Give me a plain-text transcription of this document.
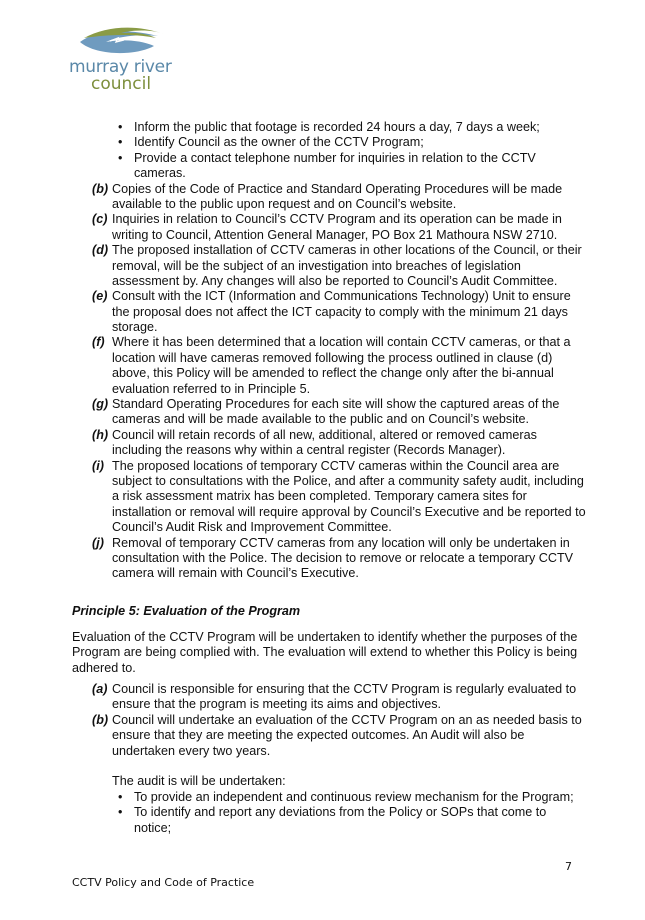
murray river
council
• Inform the public that footage is recorded 24 hours a day, 7 days a week;
• Identify Council as the owner of the CCTV Program;
• Provide a contact telephone number for inquiries in relation to the CCTV
cameras.
(b) Copies of the Code of Practice and Standard Operating Procedures will be made
available to the public upon request and on Council’s website.
(c) Inquiries in relation to Council’s CCTV Program and its operation can be made in
writing to Council, Attention General Manager, PO Box 21 Mathoura NSW 2710.
(d) The proposed installation of CCTV cameras in other locations of the Council, or their
removal, will be the subject of an investigation into breaches of legislation
assessment by. Any changes will also be reported to Council’s Audit Committee.
(e) Consult with the ICT (Information and Communications Technology) Unit to ensure
the proposal does not affect the ICT capacity to comply with the minimum 21 days
storage.
(f) Where it has been determined that a location will contain CCTV cameras, or that a
location will have cameras removed following the process outlined in clause (d)
above, this Policy will be amended to reflect the change only after the bi-annual
evaluation referred to in Principle 5.
(g) Standard Operating Procedures for each site will show the captured areas of the
cameras and will be made available to the public and on Council’s website.
(h) Council will retain records of all new, additional, altered or removed cameras
including the reasons why within a central register (Records Manager).
(i) The proposed locations of temporary CCTV cameras within the Council area are
subject to consultations with the Police, and after a community safety audit, including
a risk assessment matrix has been completed. Temporary camera sites for
installation or removal will require approval by Council’s Executive and be reported to
Council’s Audit Risk and Improvement Committee.
(j) Removal of temporary CCTV cameras from any location will only be undertaken in
consultation with the Police. The decision to remove or relocate a temporary CCTV
camera will remain with Council’s Executive.
Principle 5: Evaluation of the Program
Evaluation of the CCTV Program will be undertaken to identify whether the purposes of the
Program are being complied with. The evaluation will extend to whether this Policy is being
adhered to.
(a) Council is responsible for ensuring that the CCTV Program is regularly evaluated to
ensure that the program is meeting its aims and objectives.
(b) Council will undertake an evaluation of the CCTV Program on an as needed basis to
ensure that they are meeting the expected outcomes. An Audit will also be
undertaken every two years.
The audit is will be undertaken:
• To provide an independent and continuous review mechanism for the Program;
• To identify and report any deviations from the Policy or SOPs that come to
notice;
7
CCTV Policy and Code of Practice
